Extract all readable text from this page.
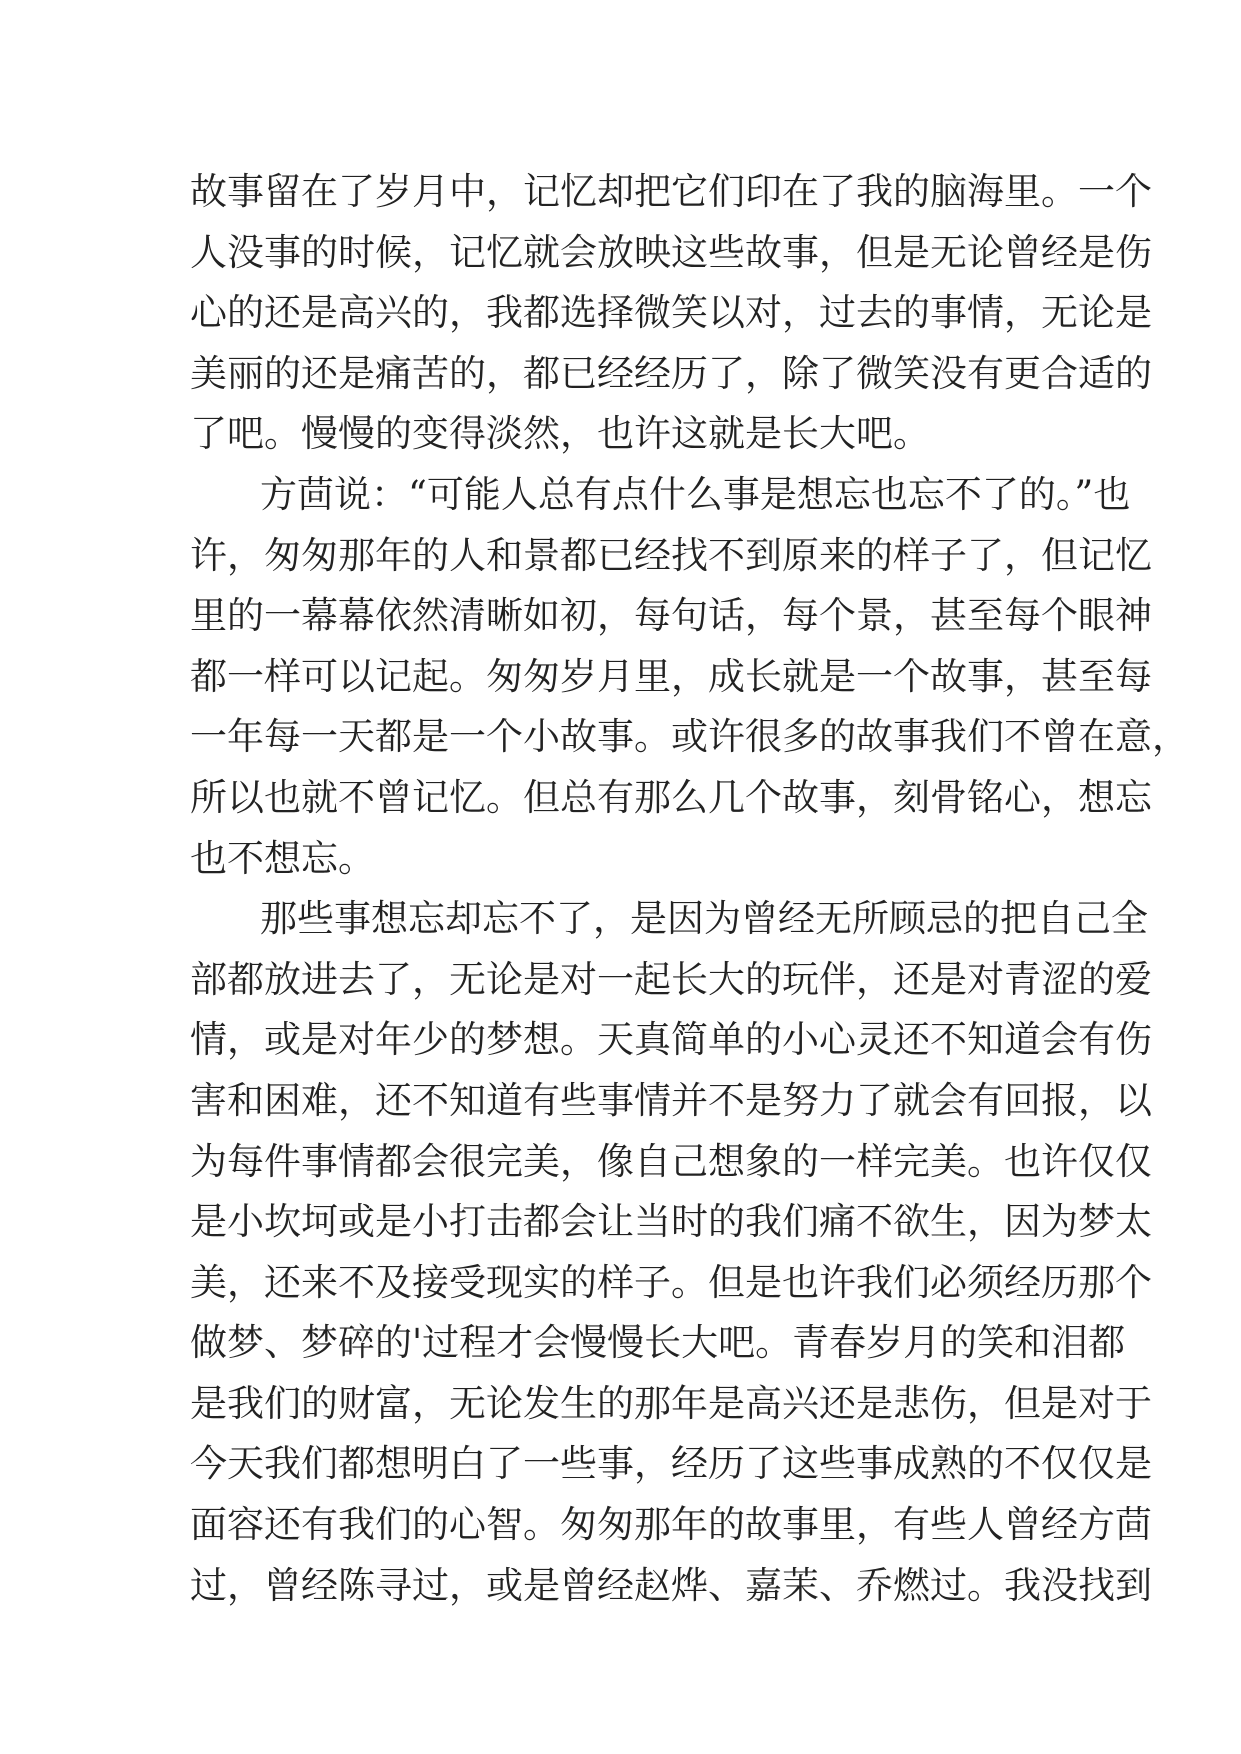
故事留在了岁月中，记忆却把它们印在了我的脑海里。一个
人没事的时候，记忆就会放映这些故事，但是无论曾经是伤
心的还是高兴的，我都选择微笑以对，过去的事情，无论是
美丽的还是痛苦的，都已经经历了，除了微笑没有更合适的
了吧。慢慢的变得淡然，也许这就是长大吧。
方茴说：“可能人总有点什么事是想忘也忘不了的。”也
许，匆匆那年的人和景都已经找不到原来的样子了，但记忆
里的一幕幕依然清晰如初，每句话，每个景，甚至每个眼神
都一样可以记起。匆匆岁月里，成长就是一个故事，甚至每
一年每一天都是一个小故事。或许很多的故事我们不曾在意，
所以也就不曾记忆。但总有那么几个故事，刻骨铭心，想忘
也不想忘。
那些事想忘却忘不了，是因为曾经无所顾忌的把自己全
部都放进去了，无论是对一起长大的玩伴，还是对青涩的爱
情，或是对年少的梦想。天真简单的小心灵还不知道会有伤
害和困难，还不知道有些事情并不是努力了就会有回报，以
为每件事情都会很完美，像自己想象的一样完美。也许仅仅
是小坎坷或是小打击都会让当时的我们痛不欲生，因为梦太
美，还来不及接受现实的样子。但是也许我们必须经历那个
做梦、梦碎的'过程才会慢慢长大吧。青春岁月的笑和泪都
是我们的财富，无论发生的那年是高兴还是悲伤，但是对于
今天我们都想明白了一些事，经历了这些事成熟的不仅仅是
面容还有我们的心智。匆匆那年的故事里，有些人曾经方茴
过，曾经陈寻过，或是曾经赵烨、嘉茉、乔燃过。我没找到
